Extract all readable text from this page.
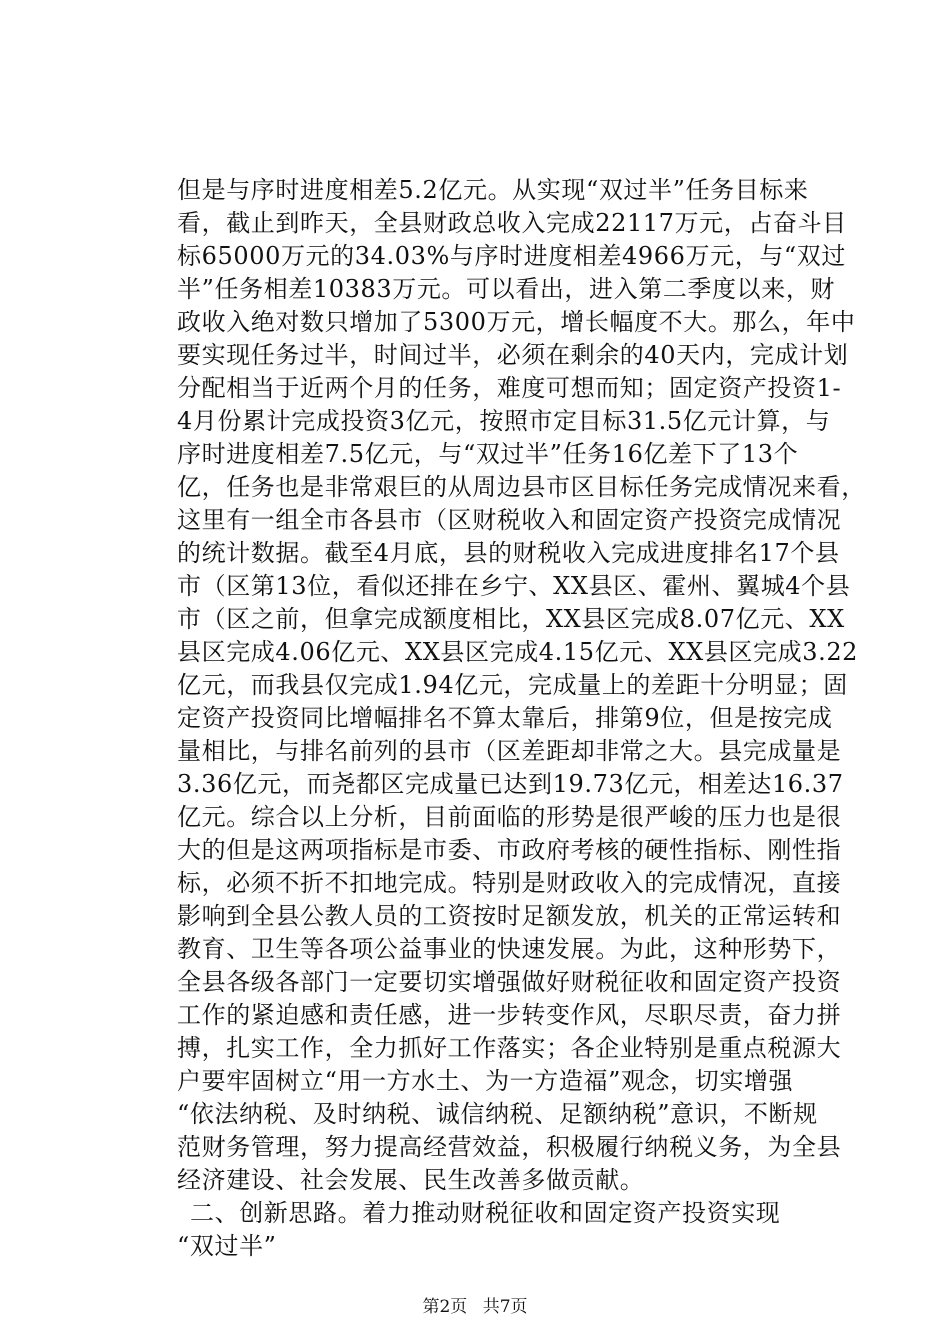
但是与序时进度相差5.2亿元。从实现“双过半”任务目标来
看，截止到昨天，全县财政总收入完成22117万元，占奋斗目
标65000万元的34.03%与序时进度相差4966万元，与“双过
半”任务相差10383万元。可以看出，进入第二季度以来，财
政收入绝对数只增加了5300万元，增长幅度不大。那么，年中
要实现任务过半，时间过半，必须在剩余的40天内，完成计划
分配相当于近两个月的任务，难度可想而知；固定资产投资1-
4月份累计完成投资3亿元，按照市定目标31.5亿元计算，与
序时进度相差7.5亿元，与“双过半”任务16亿差下了13个
亿，任务也是非常艰巨的从周边县市区目标任务完成情况来看，
这里有一组全市各县市（区财税收入和固定资产投资完成情况
的统计数据。截至4月底，县的财税收入完成进度排名17个县
市（区第13位，看似还排在乡宁、XX县区、霍州、翼城4个县
市（区之前，但拿完成额度相比，XX县区完成8.07亿元、XX
县区完成4.06亿元、XX县区完成4.15亿元、XX县区完成3.22
亿元，而我县仅完成1.94亿元，完成量上的差距十分明显；固
定资产投资同比增幅排名不算太靠后，排第9位，但是按完成
量相比，与排名前列的县市（区差距却非常之大。县完成量是
3.36亿元，而尧都区完成量已达到19.73亿元，相差达16.37
亿元。综合以上分析，目前面临的形势是很严峻的压力也是很
大的但是这两项指标是市委、市政府考核的硬性指标、刚性指
标，必须不折不扣地完成。特别是财政收入的完成情况，直接
影响到全县公教人员的工资按时足额发放，机关的正常运转和
教育、卫生等各项公益事业的快速发展。为此，这种形势下，
全县各级各部门一定要切实增强做好财税征收和固定资产投资
工作的紧迫感和责任感，进一步转变作风，尽职尽责，奋力拼
搏，扎实工作，全力抓好工作落实；各企业特别是重点税源大
户要牢固树立“用一方水土、为一方造福”观念，切实增强
“依法纳税、及时纳税、诚信纳税、足额纳税”意识，不断规
范财务管理，努力提高经营效益，积极履行纳税义务，为全县
经济建设、社会发展、民生改善多做贡献。
二、创新思路。着力推动财税征收和固定资产投资实现
“双过半”
第2页 共7页
